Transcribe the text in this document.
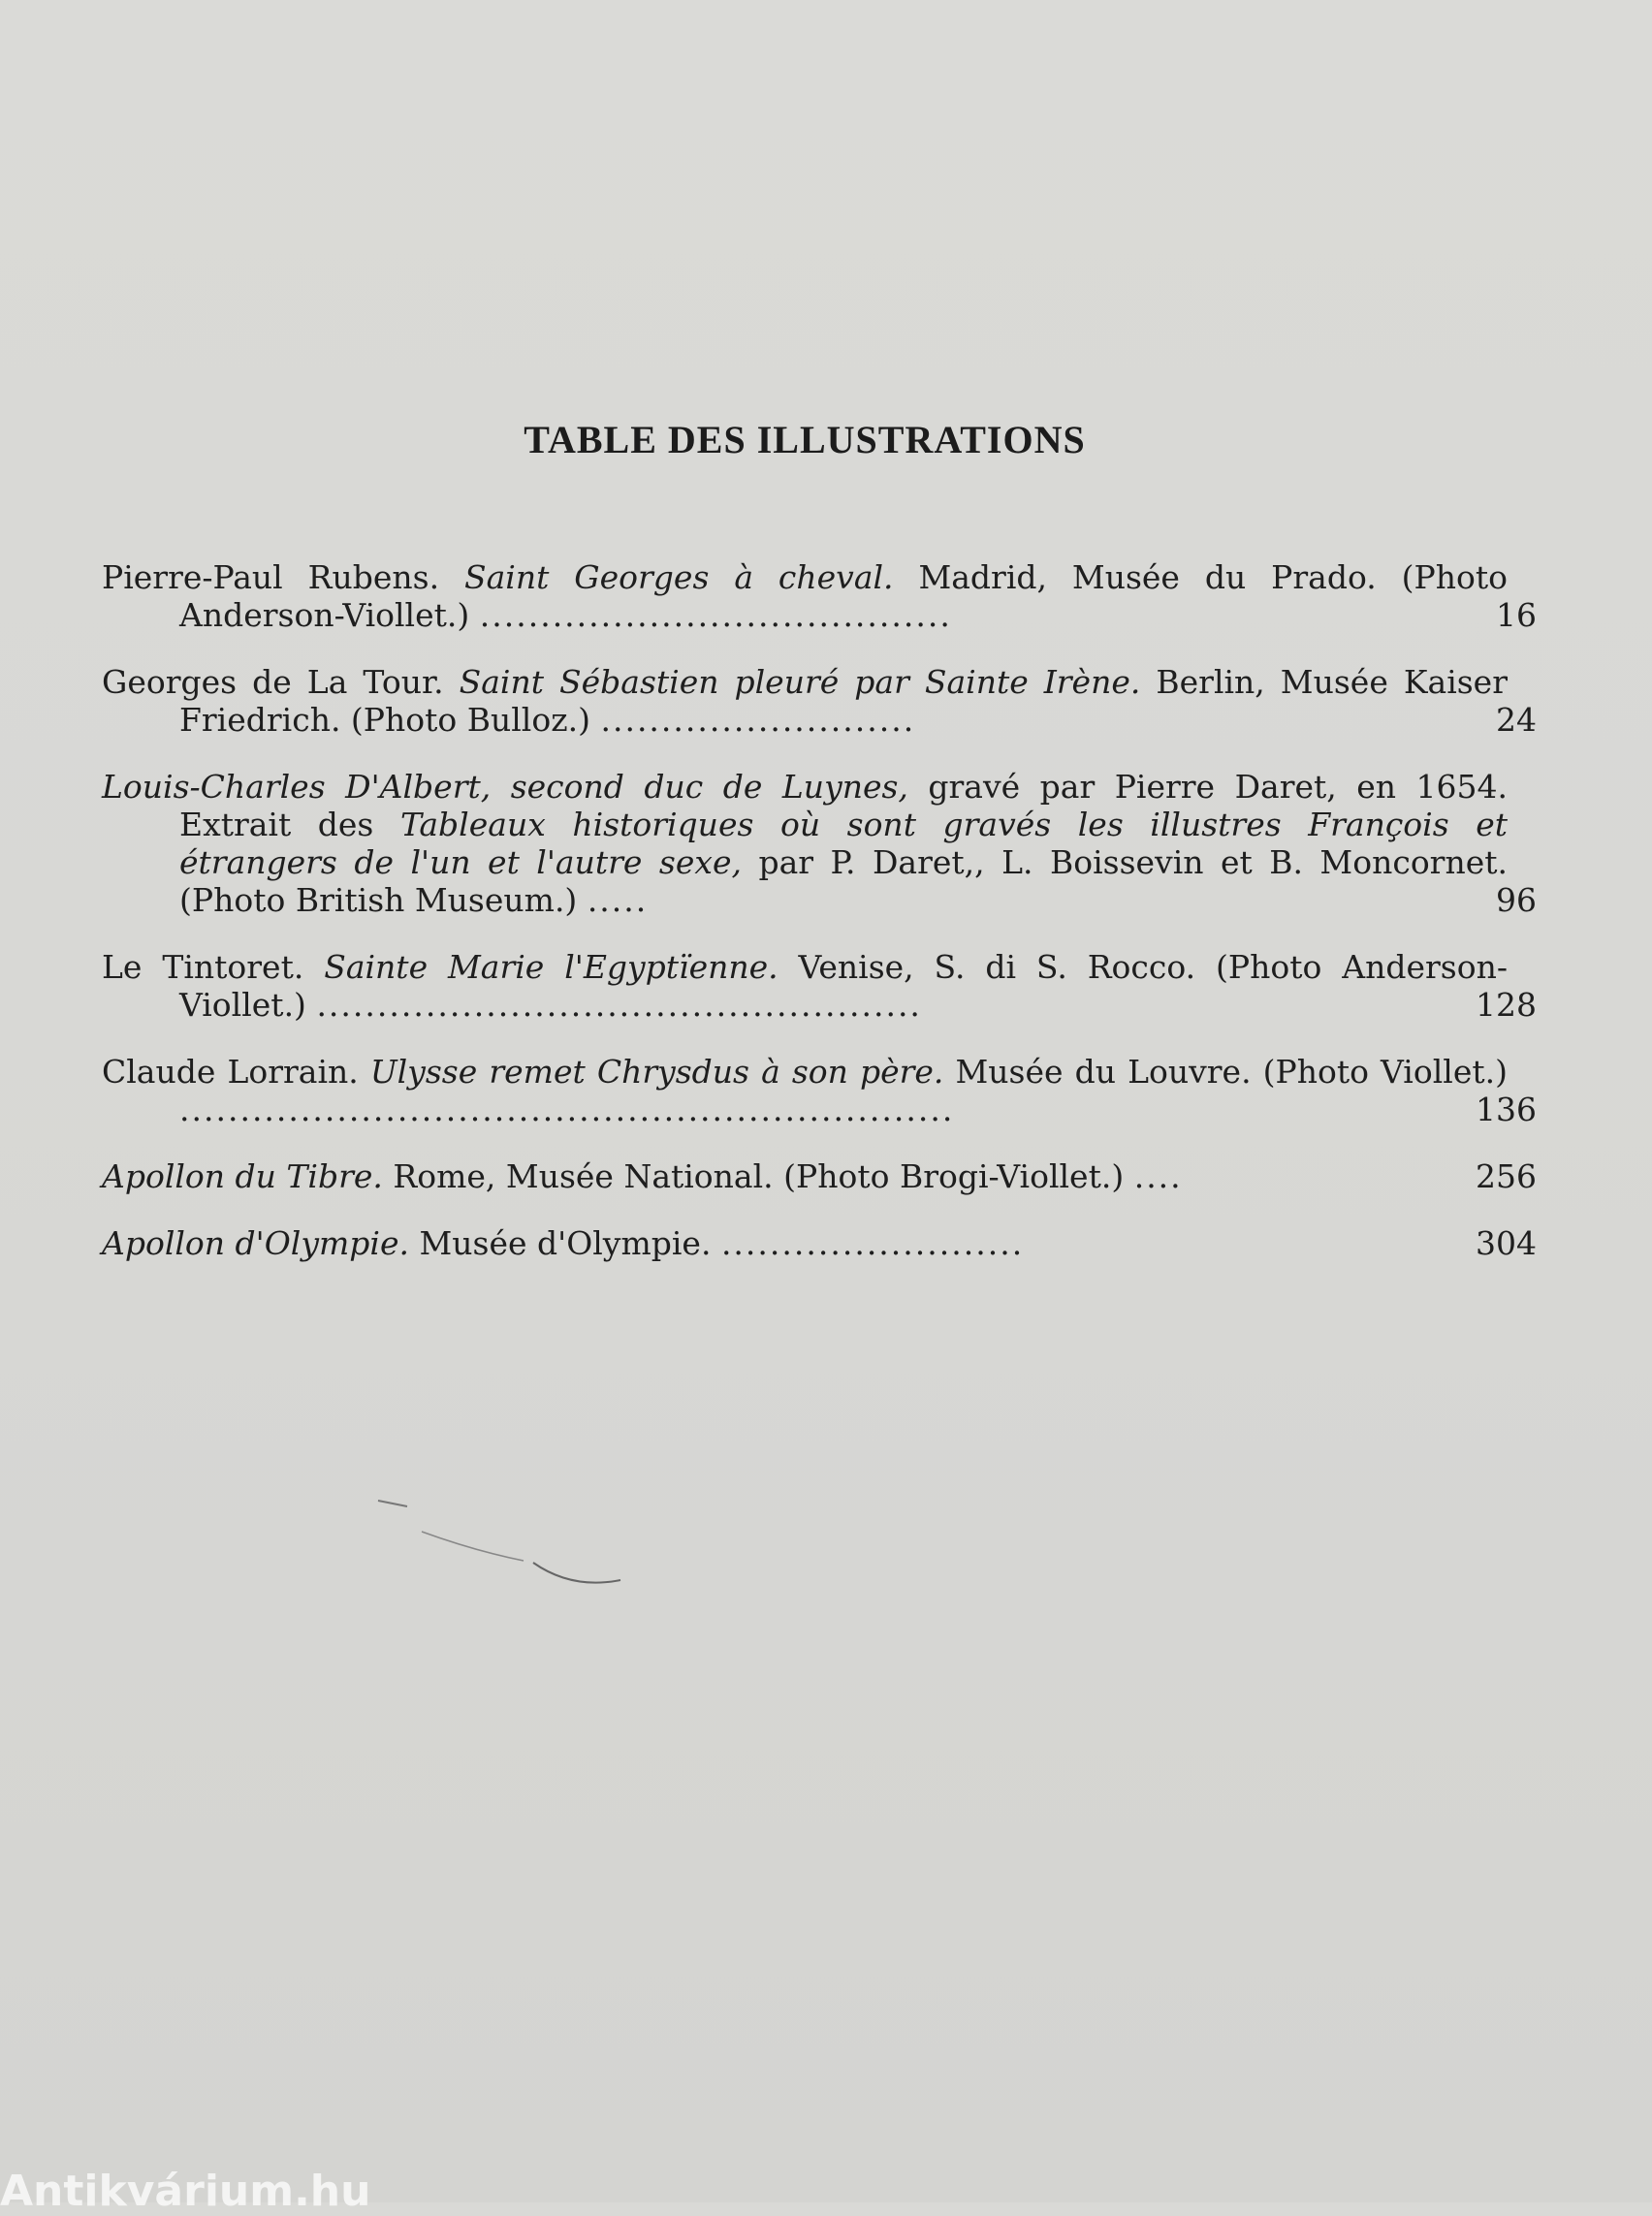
TABLE DES ILLUSTRATIONS
Pierre-Paul Rubens. Saint Georges à cheval. Madrid, Musée du Prado. (Photo Anderson-Viollet.) .......................................	16
Georges de La Tour. Saint Sébastien pleuré par Sainte Irène. Berlin, Musée Kaiser Friedrich. (Photo Bulloz.) ..........................	24
Louis-Charles D'Albert, second duc de Luynes, gravé par Pierre Daret, en 1654. Extrait des Tableaux historiques où sont gravés les illustres François et étrangers de l'un et l'autre sexe, par P. Daret,, L. Boissevin et B. Moncornet. (Photo British Museum.) .....	96
Le Tintoret. Sainte Marie l'Egyptïenne. Venise, S. di S. Rocco. (Photo Anderson-Viollet.) ..................................................	128
Claude Lorrain. Ulysse remet Chrysdus à son père. Musée du Louvre. (Photo Viollet.) ................................................................	136
Apollon du Tibre. Rome, Musée National. (Photo Brogi-Viollet.) ....	256
Apollon d'Olympie. Musée d'Olympie. .........................	304
Antikvárium.hu
